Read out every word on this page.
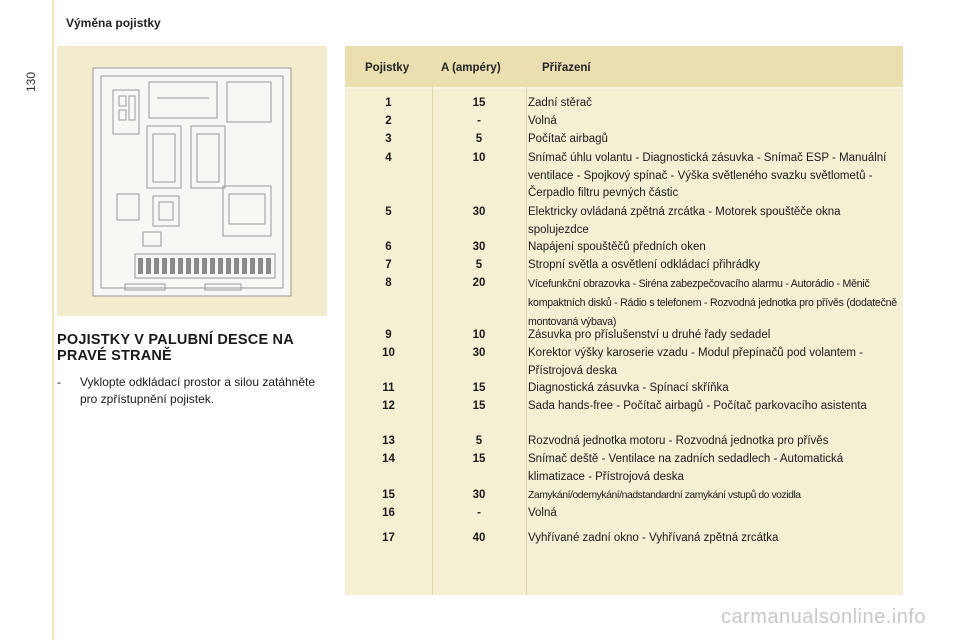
130
Výměna pojistky
POJISTKY V PALUBNÍ DESCE NA PRAVÉ STRANĚ
-	Vyklopte odkládací prostor a silou zatáhněte pro zpřístupnění pojistek.
Pojistky	A (ampéry)	Přiřazení
1	15	Zadní stěrač
2	-	Volná
3	5	Počítač airbagů
4	10	Snímač úhlu volantu - Diagnostická zásuvka - Snímač ESP - Manuální ventilace - Spojkový spínač - Výška světleného svazku světlometů - Čerpadlo filtru pevných částic
5	30	Elektricky ovládaná zpětná zrcátka - Motorek spouštěče okna spolujezdce
6	30	Napájení spouštěčů předních oken
7	5	Stropní světla a osvětlení odkládací přihrádky
8	20	Vícefunkční obrazovka - Siréna zabezpečovacího alarmu - Autorádio - Měnič kompaktních disků - Rádio s telefonem - Rozvodná jednotka pro přívěs (dodatečně montovaná výbava)
9	10	Zásuvka pro příslušenství u druhé řady sedadel
10	30	Korektor výšky karoserie vzadu - Modul přepínačů pod volantem - Přístrojová deska
11	15	Diagnostická zásuvka - Spínací skříňka
12	15	Sada hands-free - Počítač airbagů - Počítač parkovacího asistenta
13	5	Rozvodná jednotka motoru - Rozvodná jednotka pro přívěs
14	15	Snímač deště - Ventilace na zadních sedadlech - Automatická klimatizace - Přístrojová deska
15	30	Zamykání/odemykání/nadstandardní zamykání vstupů do vozidla
16	-	Volná
17	40	Vyhřívané zadní okno - Vyhřívaná zpětná zrcátka
carmanualsonline.info
